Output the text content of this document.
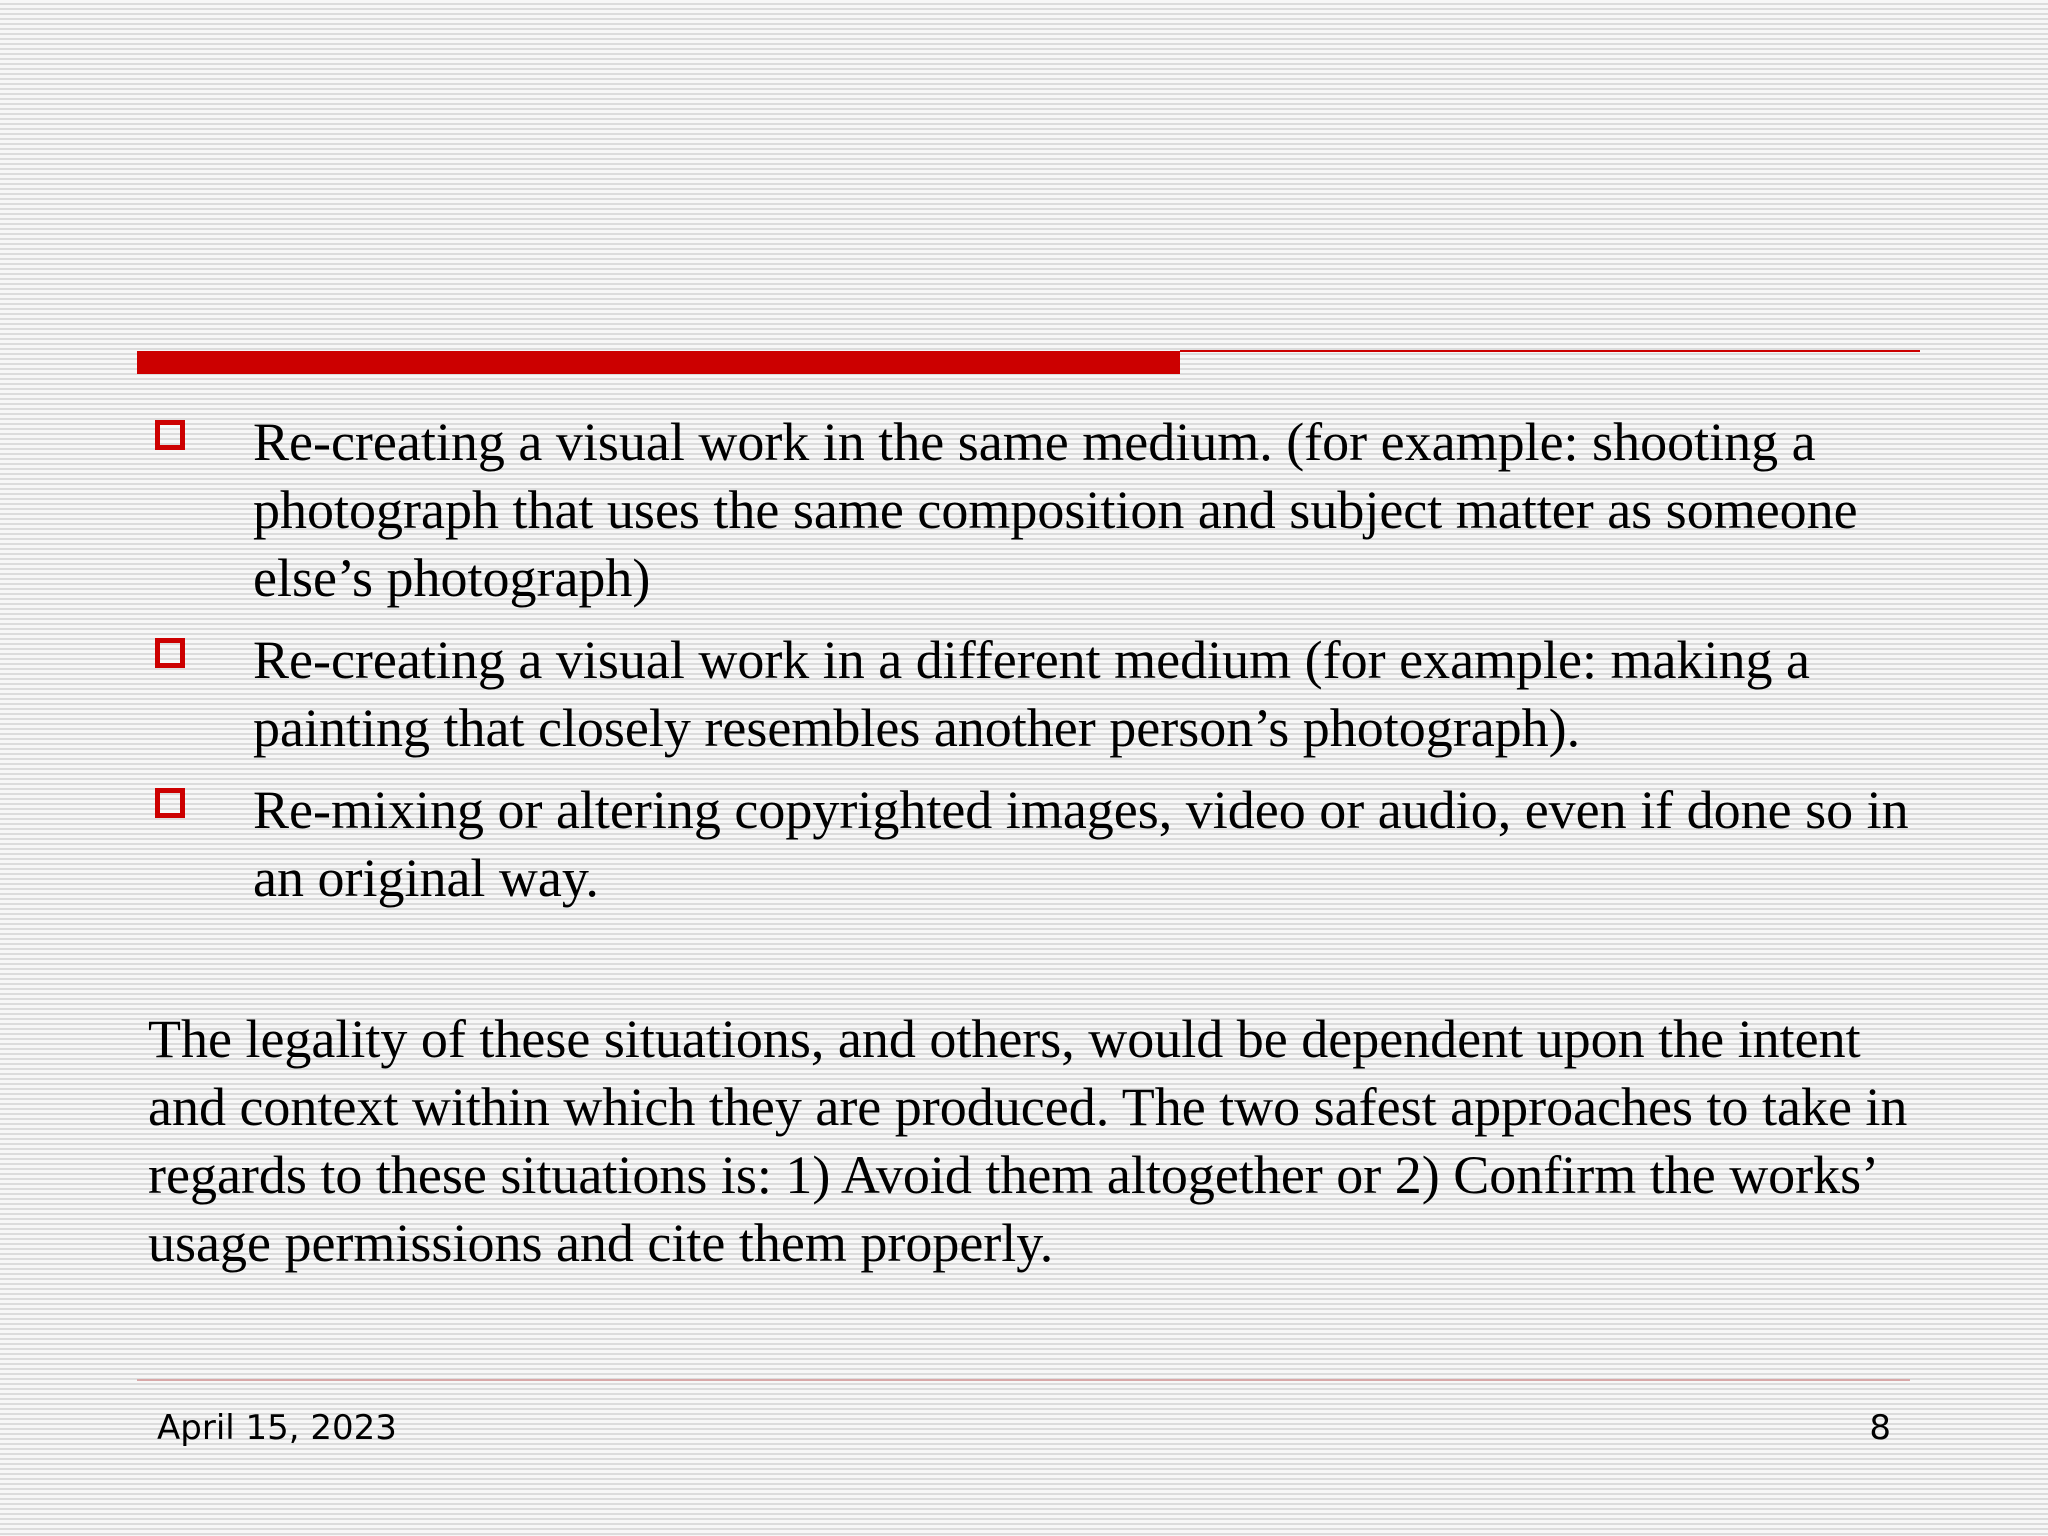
Re-creating a visual work in the same medium. (for example: shooting a photograph that uses the same composition and subject matter as someone else’s photograph)
Re-creating a visual work in a different medium (for example: making a painting that closely resembles another person’s photograph).
Re-mixing or altering copyrighted images, video or audio, even if done so in an original way.

The legality of these situations, and others, would be dependent upon the intent and context within which they are produced. The two safest approaches to take in regards to these situations is: 1) Avoid them altogether or 2) Confirm the works’ usage permissions and cite them properly.

April 15, 2023	8
